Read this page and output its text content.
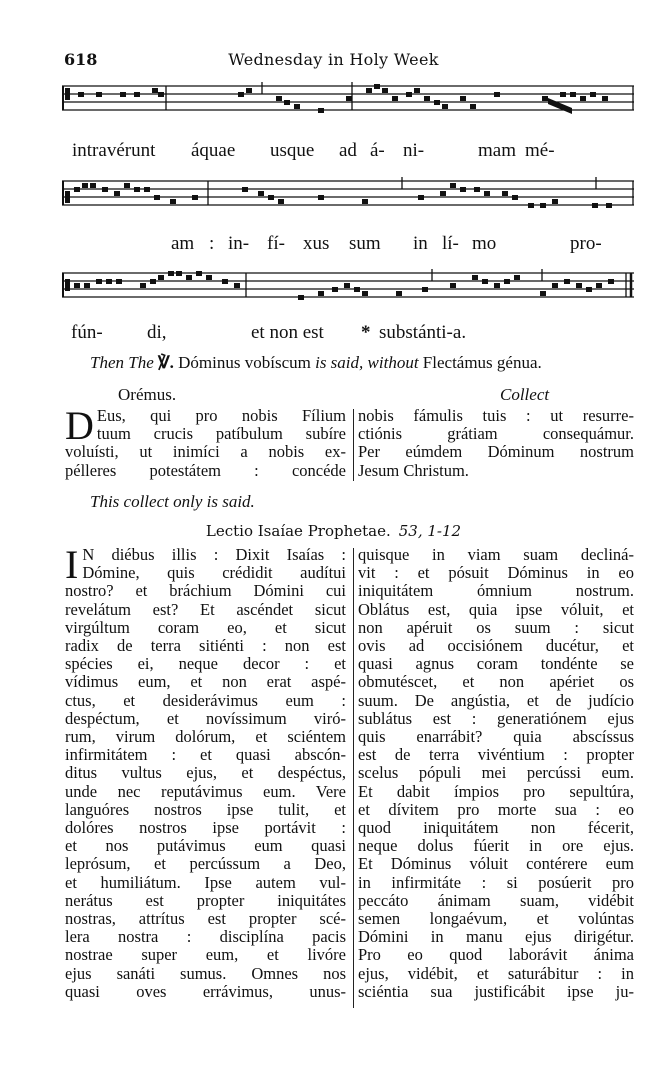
618	Wednesday in Holy Week
intravérunt áquae usque ad á- ni-	mam mé-
am : in- fí- xus sum in lí- mo	pro-
fún- di,	et non est * substánti-a.
Then The ℣. Dóminus vobíscum is said, without Flectámus génua.
Orémus.	Collect
D Eus, qui pro nobis Fílium
tuum crucis patíbulum subíre
voluísti, ut inimíci a nobis ex-
pélleres potestátem : concéde
nobis fámulis tuis : ut resurre-
ctiónis grátiam consequámur.
Per eúmdem Dóminum nostrum
Jesum Christum.
This collect only is said.
Lectio Isaíae Prophetae. 53, 1-12
I N diébus illis : Dixit Isaías :
Dómine, quis crédidit audítui
nostro? et bráchium Dómini cui
revelátum est? Et ascéndet sicut
virgúltum coram eo, et sicut
radix de terra sitiénti : non est
spécies ei, neque decor : et
vídimus eum, et non erat aspé-
ctus, et desiderávimus eum :
despéctum, et novíssimum viró-
rum, virum dolórum, et sciéntem
infirmitátem : et quasi abscón-
ditus vultus ejus, et despéctus,
unde nec reputávimus eum. Vere
languóres nostros ipse tulit, et
dolóres nostros ipse portávit :
et nos putávimus eum quasi
leprósum, et percússum a Deo,
et humiliátum. Ipse autem vul-
nerátus est propter iniquitátes
nostras, attrítus est propter scé-
lera nostra : disciplína pacis
nostrae super eum, et livóre
ejus sanáti sumus. Omnes nos
quasi oves errávimus, unus-
quisque in viam suam decliná-
vit : et pósuit Dóminus in eo
iniquitátem ómnium nostrum.
Oblátus est, quia ipse vóluit, et
non apéruit os suum : sicut
ovis ad occisiónem ducétur, et
quasi agnus coram tondénte se
obmutéscet, et non apériet os
suum. De angústia, et de judício
sublátus est : generatiónem ejus
quis enarrábit? quia abscíssus
est de terra vivéntium : propter
scelus pópuli mei percússi eum.
Et dabit ímpios pro sepultúra,
et dívitem pro morte sua : eo
quod iniquitátem non fécerit,
neque dolus fúerit in ore ejus.
Et Dóminus vóluit contérere eum
in infirmitáte : si posúerit pro
peccáto ánimam suam, vidébit
semen longaévum, et volúntas
Dómini in manu ejus dirigétur.
Pro eo quod laborávit ánima
ejus, vidébit, et saturábitur : in
sciéntia sua justificábit ipse ju-
